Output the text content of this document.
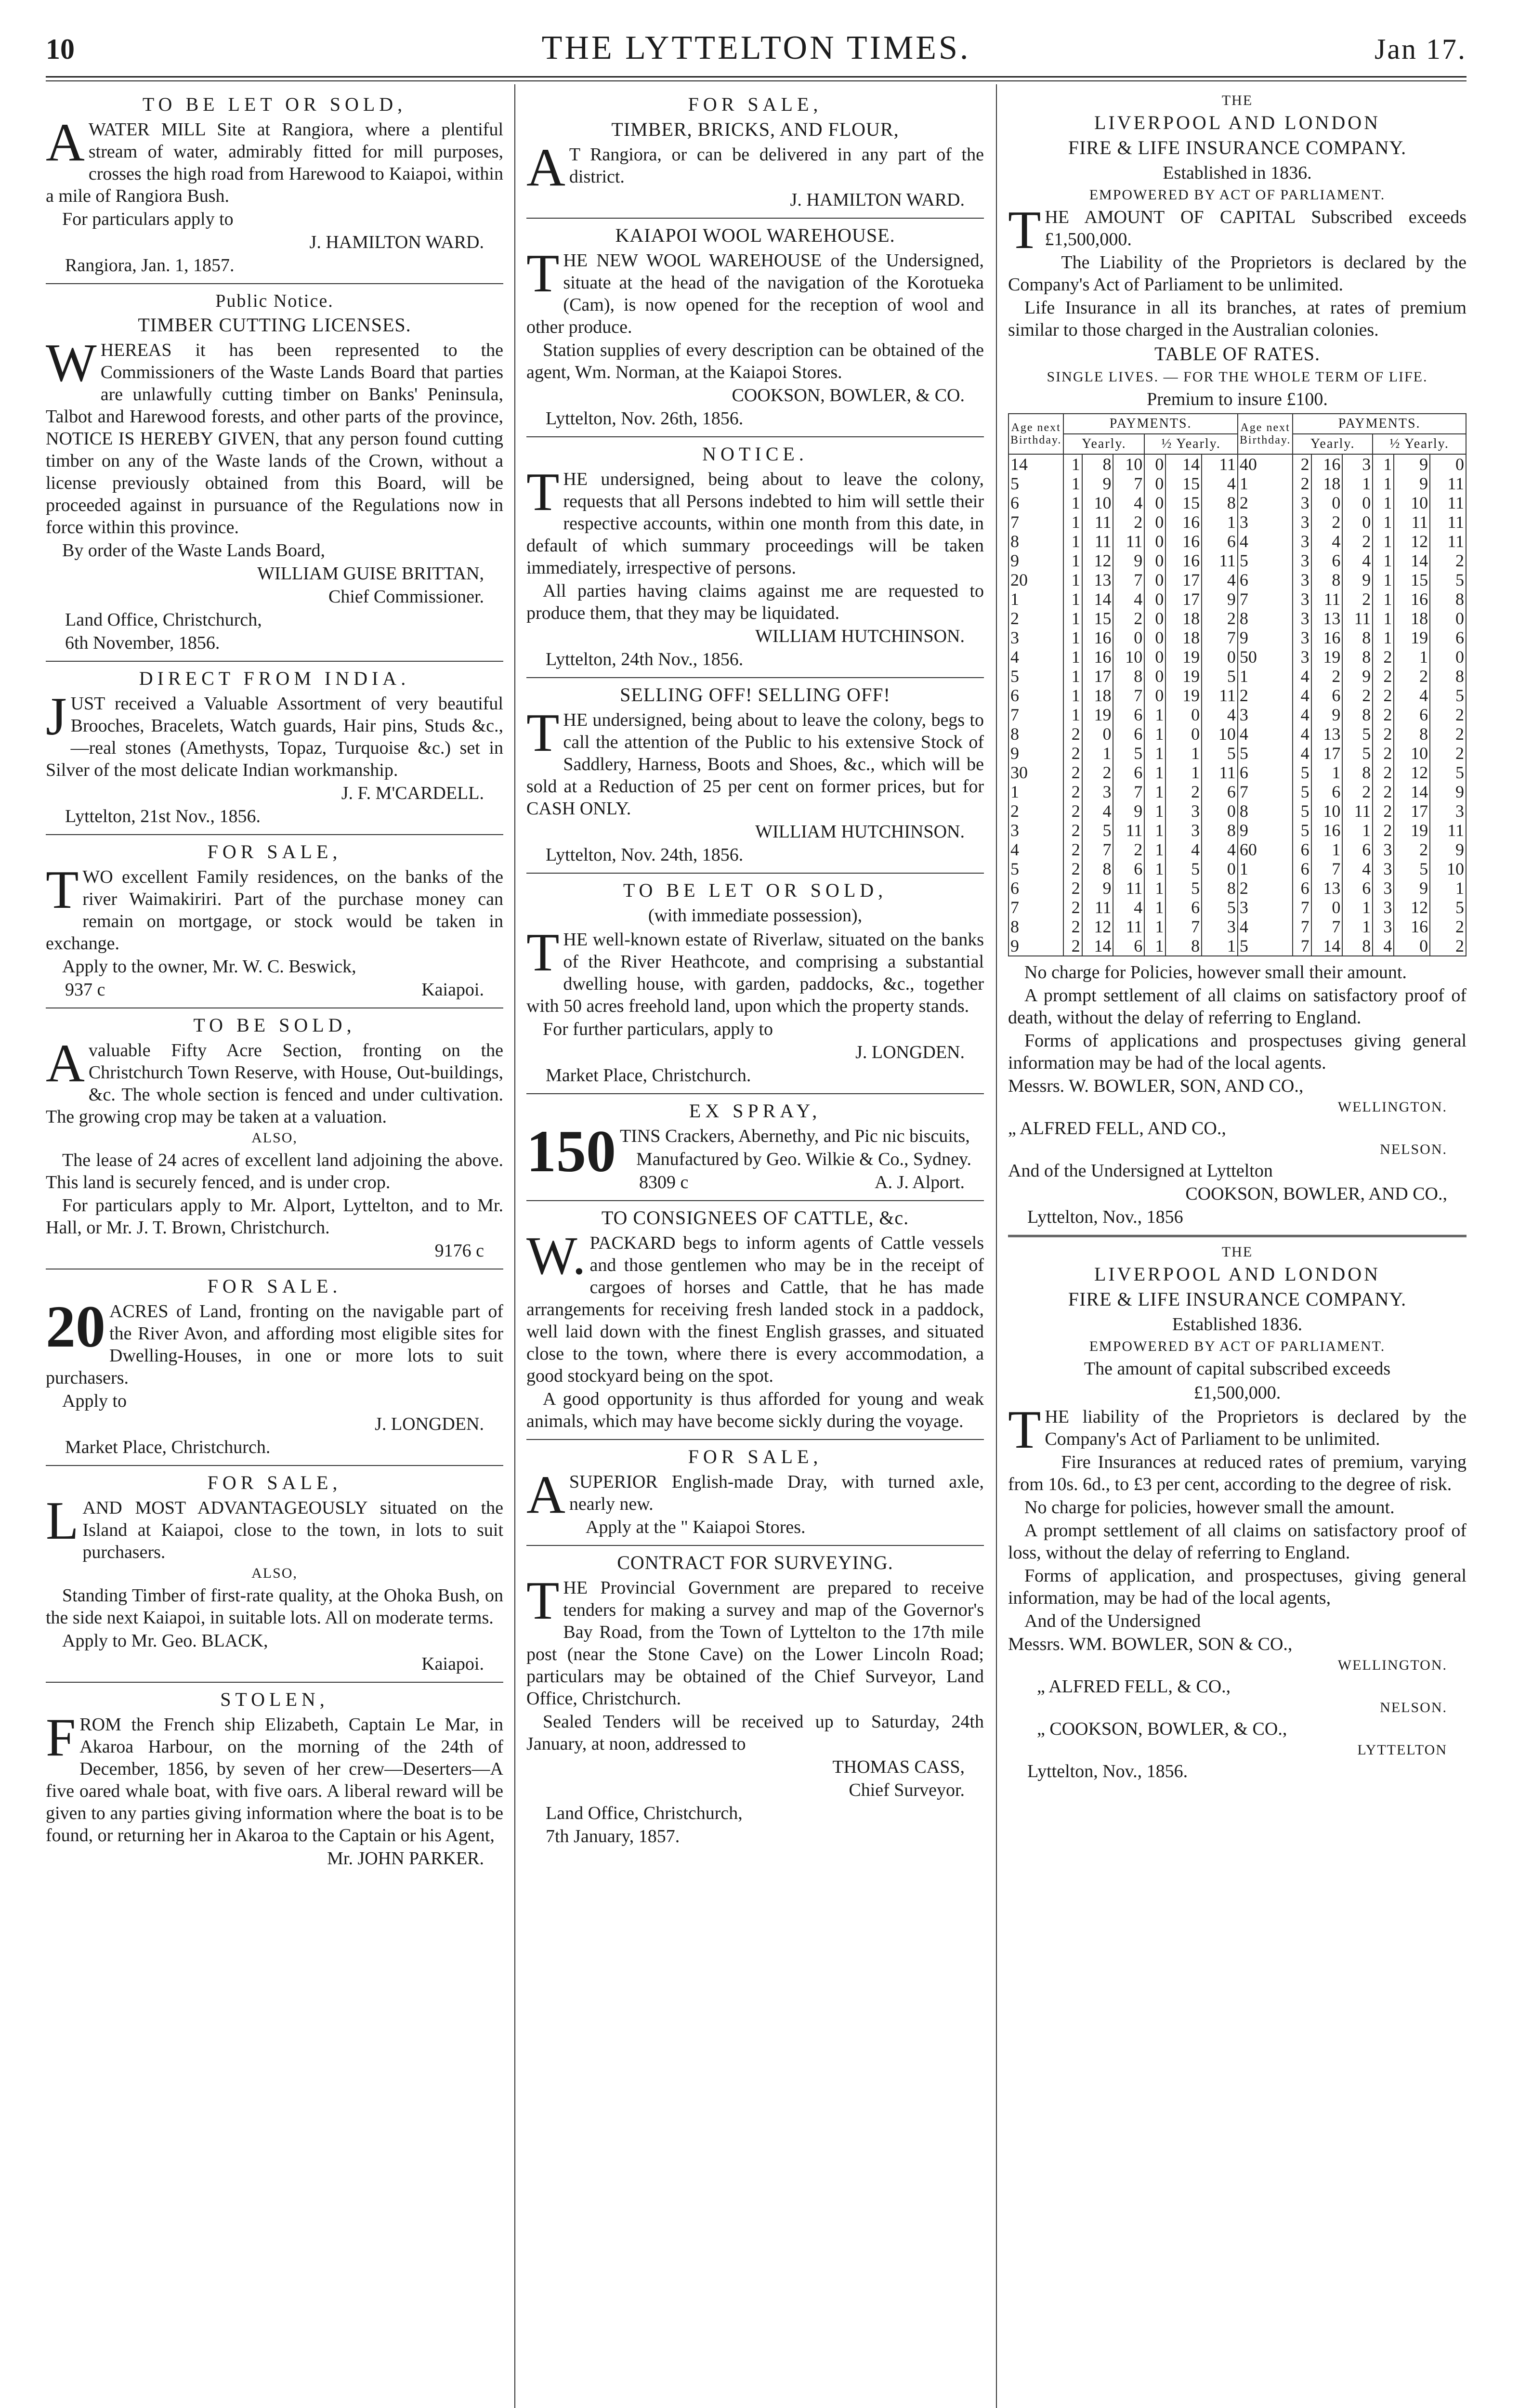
10	THE LYTTELTON TIMES.	Jan 17.
TO BE LET OR SOLD,
A WATER MILL Site at Rangiora, where a plentiful stream of water, admirably fitted for mill purposes, crosses the high road from Harewood to Kaiapoi, within a mile of Rangiora Bush.
For particulars apply to
J. HAMILTON WARD.
Rangiora, Jan. 1, 1857.
Public Notice.
TIMBER CUTTING LICENSES.
W HEREAS it has been represented to the Commissioners of the Waste Lands Board that parties are unlawfully cutting timber on Banks' Peninsula, Talbot and Harewood forests, and other parts of the province, NOTICE IS HEREBY GIVEN, that any person found cutting timber on any of the Waste lands of the Crown, without a license previously obtained from this Board, will be proceeded against in pursuance of the Regulations now in force within this province.
By order of the Waste Lands Board,
WILLIAM GUISE BRITTAN,
Chief Commissioner.
Land Office, Christchurch,
6th November, 1856.
DIRECT FROM INDIA.
J UST received a Valuable Assortment of very beautiful Brooches, Bracelets, Watch guards, Hair pins, Studs &c.,—real stones (Amethysts, Topaz, Turquoise &c.) set in Silver of the most delicate Indian workmanship.
J. F. M'CARDELL.
Lyttelton, 21st Nov., 1856.
FOR SALE,
T WO excellent Family residences, on the banks of the river Waimakiriri. Part of the purchase money can remain on mortgage, or stock would be taken in exchange.
Apply to the owner, Mr. W. C. Beswick,
937 c	Kaiapoi.
TO BE SOLD,
A valuable Fifty Acre Section, fronting on the Christchurch Town Reserve, with House, Out-buildings, &c. The whole section is fenced and under cultivation. The growing crop may be taken at a valuation.
ALSO,
The lease of 24 acres of excellent land adjoining the above. This land is securely fenced, and is under crop.
For particulars apply to Mr. Alport, Lyttelton, and to Mr. Hall, or Mr. J. T. Brown, Christchurch.
9176 c
FOR SALE.
20 ACRES of Land, fronting on the navigable part of the River Avon, and affording most eligible sites for Dwelling-Houses, in one or more lots to suit purchasers.
Apply to
J. LONGDEN.
Market Place, Christchurch.
FOR SALE,
L AND MOST ADVANTAGEOUSLY situated on the Island at Kaiapoi, close to the town, in lots to suit purchasers.
ALSO,
Standing Timber of first-rate quality, at the Ohoka Bush, on the side next Kaiapoi, in suitable lots. All on moderate terms.
Apply to Mr. Geo. BLACK,
Kaiapoi.
STOLEN,
F ROM the French ship Elizabeth, Captain Le Mar, in Akaroa Harbour, on the morning of the 24th of December, 1856, by seven of her crew—Deserters—A five oared whale boat, with five oars. A liberal reward will be given to any parties giving information where the boat is to be found, or returning her in Akaroa to the Captain or his Agent,
Mr. JOHN PARKER.
FOR SALE,
TIMBER, BRICKS, AND FLOUR,
A T Rangiora, or can be delivered in any part of the district.
J. HAMILTON WARD.
KAIAPOI WOOL WAREHOUSE.
T HE NEW WOOL WAREHOUSE of the Undersigned, situate at the head of the navigation of the Korotueka (Cam), is now opened for the reception of wool and other produce.
Station supplies of every description can be obtained of the agent, Wm. Norman, at the Kaiapoi Stores.
COOKSON, BOWLER, & CO.
Lyttelton, Nov. 26th, 1856.
NOTICE.
T HE undersigned, being about to leave the colony, requests that all Persons indebted to him will settle their respective accounts, within one month from this date, in default of which summary proceedings will be taken immediately, irrespective of persons.
All parties having claims against me are requested to produce them, that they may be liquidated.
WILLIAM HUTCHINSON.
Lyttelton, 24th Nov., 1856.
SELLING OFF! SELLING OFF!
T HE undersigned, being about to leave the colony, begs to call the attention of the Public to his extensive Stock of Saddlery, Harness, Boots and Shoes, &c., which will be sold at a Reduction of 25 per cent on former prices, but for CASH ONLY.
WILLIAM HUTCHINSON.
Lyttelton, Nov. 24th, 1856.
TO BE LET OR SOLD,
(with immediate possession),
T HE well-known estate of Riverlaw, situated on the banks of the River Heathcote, and comprising a substantial dwelling house, with garden, paddocks, &c., together with 50 acres freehold land, upon which the property stands.
For further particulars, apply to
J. LONGDEN.
Market Place, Christchurch.
EX SPRAY,
150 TINS Crackers, Abernethy, and Pic nic biscuits,
Manufactured by Geo. Wilkie & Co., Sydney.
8309 c	A. J. Alport.
TO CONSIGNEES OF CATTLE, &c.
W. PACKARD begs to inform agents of Cattle vessels and those gentlemen who may be in the receipt of cargoes of horses and Cattle, that he has made arrangements for receiving fresh landed stock in a paddock, well laid down with the finest English grasses, and situated close to the town, where there is every accommodation, a good stockyard being on the spot.
A good opportunity is thus afforded for young and weak animals, which may have become sickly during the voyage.
FOR SALE,
A SUPERIOR English-made Dray, with turned axle, nearly new.
Apply at the " Kaiapoi Stores.
CONTRACT FOR SURVEYING.
T HE Provincial Government are prepared to receive tenders for making a survey and map of the Governor's Bay Road, from the Town of Lyttelton to the 17th mile post (near the Stone Cave) on the Lower Lincoln Road; particulars may be obtained of the Chief Surveyor, Land Office, Christchurch.
Sealed Tenders will be received up to Saturday, 24th January, at noon, addressed to
THOMAS CASS,
Chief Surveyor.
Land Office, Christchurch,
7th January, 1857.
THE
LIVERPOOL AND LONDON
FIRE & LIFE INSURANCE COMPANY.
Established in 1836.
EMPOWERED BY ACT OF PARLIAMENT.
T HE AMOUNT OF CAPITAL Subscribed exceeds £1,500,000.
The Liability of the Proprietors is declared by the Company's Act of Parliament to be unlimited.
Life Insurance in all its branches, at rates of premium similar to those charged in the Australian colonies.
TABLE OF RATES.
SINGLE LIVES. — FOR THE WHOLE TERM OF LIFE.
Premium to insure £100.
Age next Birthday.	PAYMENTS.						Age next Birthday.	PAYMENTS.					
	Yearly.			½ Yearly.				Yearly.			½ Yearly.		
14	1	8	10	0	14	11	40	2	16	3	1	9	0
5	1	9	7	0	15	4	1	2	18	1	1	9	11
6	1	10	4	0	15	8	2	3	0	0	1	10	11
7	1	11	2	0	16	1	3	3	2	0	1	11	11
8	1	11	11	0	16	6	4	3	4	2	1	12	11
9	1	12	9	0	16	11	5	3	6	4	1	14	2
20	1	13	7	0	17	4	6	3	8	9	1	15	5
1	1	14	4	0	17	9	7	3	11	2	1	16	8
2	1	15	2	0	18	2	8	3	13	11	1	18	0
3	1	16	0	0	18	7	9	3	16	8	1	19	6
4	1	16	10	0	19	0	50	3	19	8	2	1	0
5	1	17	8	0	19	5	1	4	2	9	2	2	8
6	1	18	7	0	19	11	2	4	6	2	2	4	5
7	1	19	6	1	0	4	3	4	9	8	2	6	2
8	2	0	6	1	0	10	4	4	13	5	2	8	2
9	2	1	5	1	1	5	5	4	17	5	2	10	2
30	2	2	6	1	1	11	6	5	1	8	2	12	5
1	2	3	7	1	2	6	7	5	6	2	2	14	9
2	2	4	9	1	3	0	8	5	10	11	2	17	3
3	2	5	11	1	3	8	9	5	16	1	2	19	11
4	2	7	2	1	4	4	60	6	1	6	3	2	9
5	2	8	6	1	5	0	1	6	7	4	3	5	10
6	2	9	11	1	5	8	2	6	13	6	3	9	1
7	2	11	4	1	6	5	3	7	0	1	3	12	5
8	2	12	11	1	7	3	4	7	7	1	3	16	2
9	2	14	6	1	8	1	5	7	14	8	4	0	2
No charge for Policies, however small their amount.
A prompt settlement of all claims on satisfactory proof of death, without the delay of referring to England.
Forms of applications and prospectuses giving general information may be had of the local agents.
Messrs. W. BOWLER, SON, AND CO.,
WELLINGTON.
„ ALFRED FELL, AND CO.,
NELSON.
And of the Undersigned at Lyttelton
COOKSON, BOWLER, AND CO.,
Lyttelton, Nov., 1856
THE
LIVERPOOL AND LONDON
FIRE & LIFE INSURANCE COMPANY.
Established 1836.
EMPOWERED BY ACT OF PARLIAMENT.
The amount of capital subscribed exceeds
£1,500,000.
T HE liability of the Proprietors is declared by the Company's Act of Parliament to be unlimited.
Fire Insurances at reduced rates of premium, varying from 10s. 6d., to £3 per cent, according to the degree of risk.
No charge for policies, however small the amount.
A prompt settlement of all claims on satisfactory proof of loss, without the delay of referring to England.
Forms of application, and prospectuses, giving general information, may be had of the local agents,
And of the Undersigned
Messrs. WM. BOWLER, SON & CO.,
WELLINGTON.
„ ALFRED FELL, & CO.,
NELSON.
„ COOKSON, BOWLER, & CO.,
LYTTELTON
Lyttelton, Nov., 1856.
